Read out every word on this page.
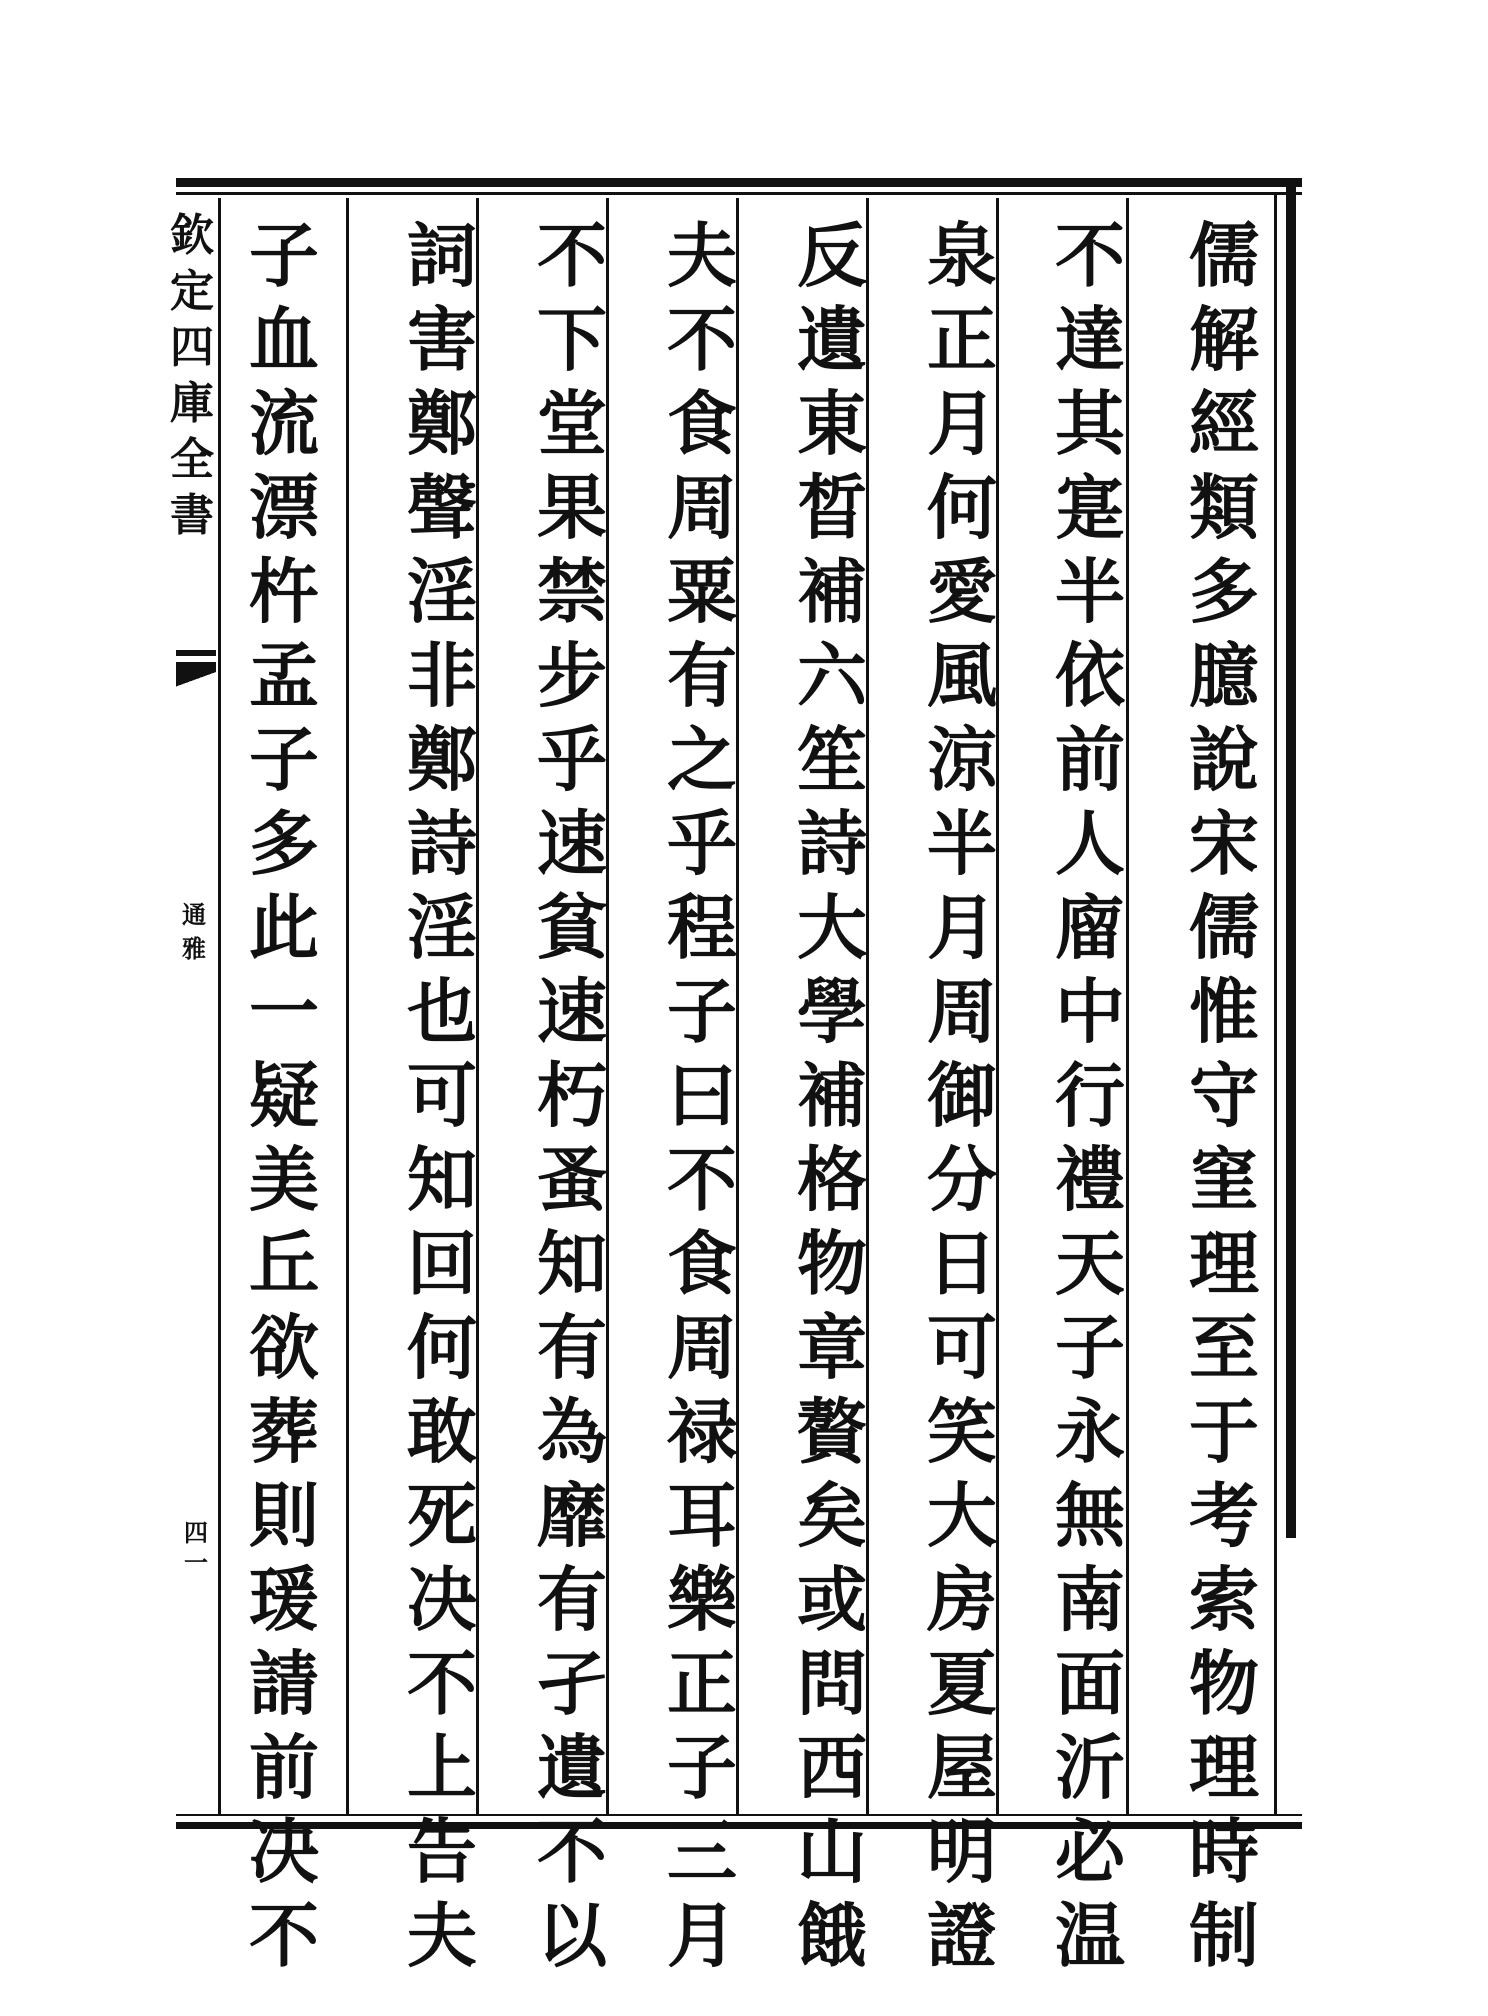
欽
定
四
庫
全
書
通
雅
四一
儒
解
經
類
多
臆
說
宋
儒
惟
守
窐
理
至
于
考
索
物
理
時
制
不
達
其
寔
半
依
前
人
廇
中
行
禮
天
子
永
無
南
面
沂
必
温
泉
正
月
何
愛
風
涼
半
月
周
御
分
日
可
笑
大
房
夏
屋
明
證
反
遺
東
晳
補
六
笙
詩
大
學
補
格
物
章
贅
矣
或
問
西
山
餓
夫
不
食
周
粟
有
之
乎
程
子
曰
不
食
周
禄
耳
樂
正
子
三
月
不
下
堂
果
禁
步
乎
速
貧
速
朽
蚤
知
有
為
靡
有
孑
遺
不
以
詞
害
鄭
聲
淫
非
鄭
詩
淫
也
可
知
回
何
敢
死
决
不
上
告
夫
子
血
流
漂
杵
孟
子
多
此
一
疑
美
丘
欲
葬
則
瑗
請
前
决
不
